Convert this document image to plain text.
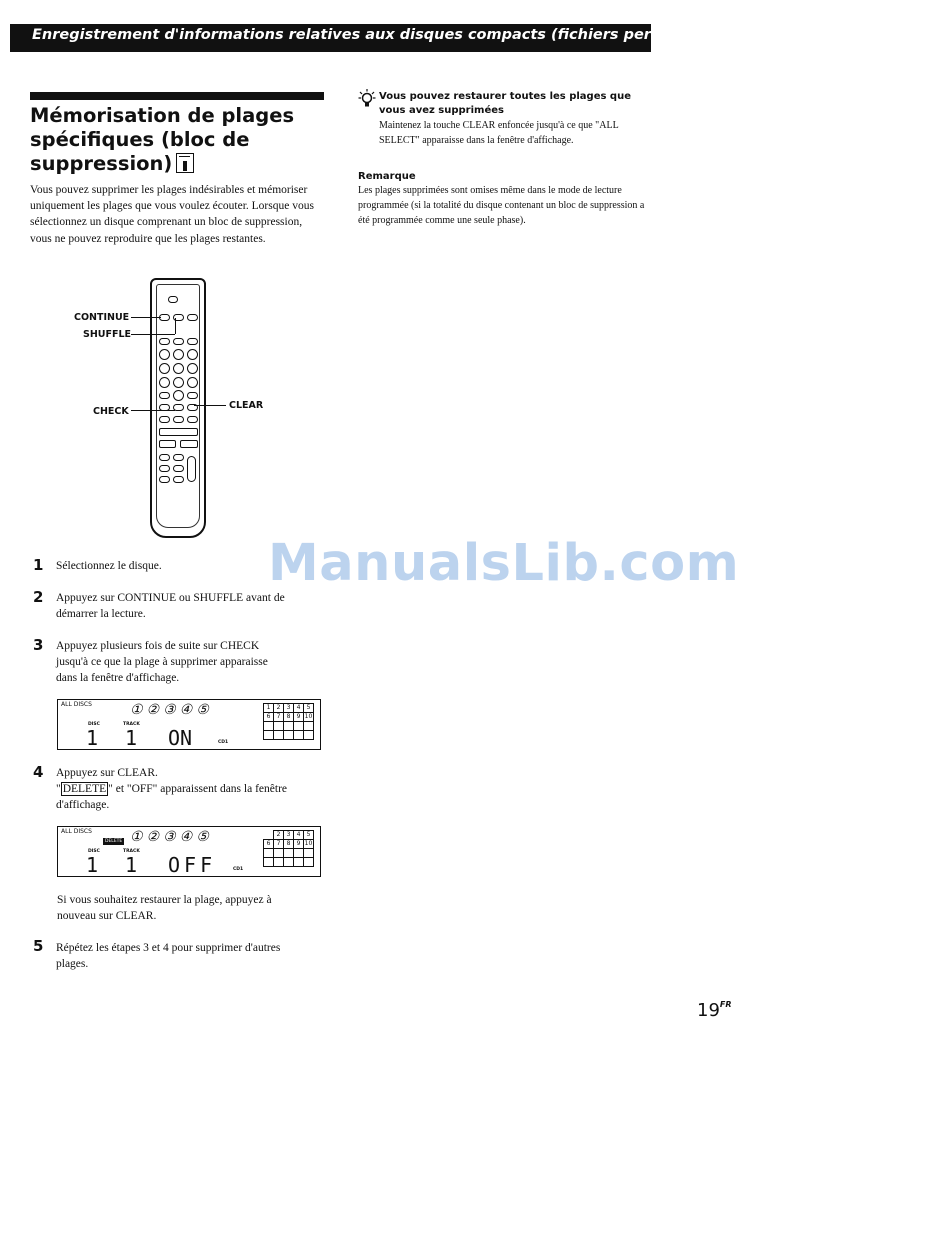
Enregistrement d'informations relatives aux disques compacts (fichiers personnalisés)
Mémorisation de plages
spécifiques (bloc de
suppression)
Vous pouvez supprimer les plages indésirables et mémoriser uniquement les plages que vous voulez écouter. Lorsque vous sélectionnez un disque comprenant un bloc de suppression, vous ne pouvez reproduire que les plages restantes.
CONTINUE
SHUFFLE
CHECK
CLEAR
1 Sélectionnez le disque.
2 Appuyez sur CONTINUE ou SHUFFLE avant de
démarrer la lecture.
3 Appuyez plusieurs fois de suite sur CHECK
jusqu'à ce que la plage à supprimer apparaisse
dans la fenêtre d'affichage.
ALL DISCS	①②③④⑤
DISC	TRACK
1 1 ON	CD1
1	2	3	4	5
6	7	8	9	10

4 Appuyez sur CLEAR.
" DELETE " et "OFF" apparaissent dans la fenêtre
d'affichage.
ALL DISCS
DELETE ①②③④⑤
DISC	TRACK
1 1 OFF	CD1
	2	3	4	5
6	7	8	9	10

Si vous souhaitez restaurer la plage, appuyez à
nouveau sur CLEAR.
5 Répétez les étapes 3 et 4 pour supprimer d'autres
plages.
Vous pouvez restaurer toutes les plages que vous avez supprimées
Maintenez la touche CLEAR enfoncée jusqu'à ce que "ALL SELECT" apparaisse dans la fenêtre d'affichage.
Remarque
Les plages supprimées sont omises même dans le mode de lecture programmée (si la totalité du disque contenant un bloc de suppression a été programmée comme une seule phase).
ManualsLib.com
$19^{FR}$
